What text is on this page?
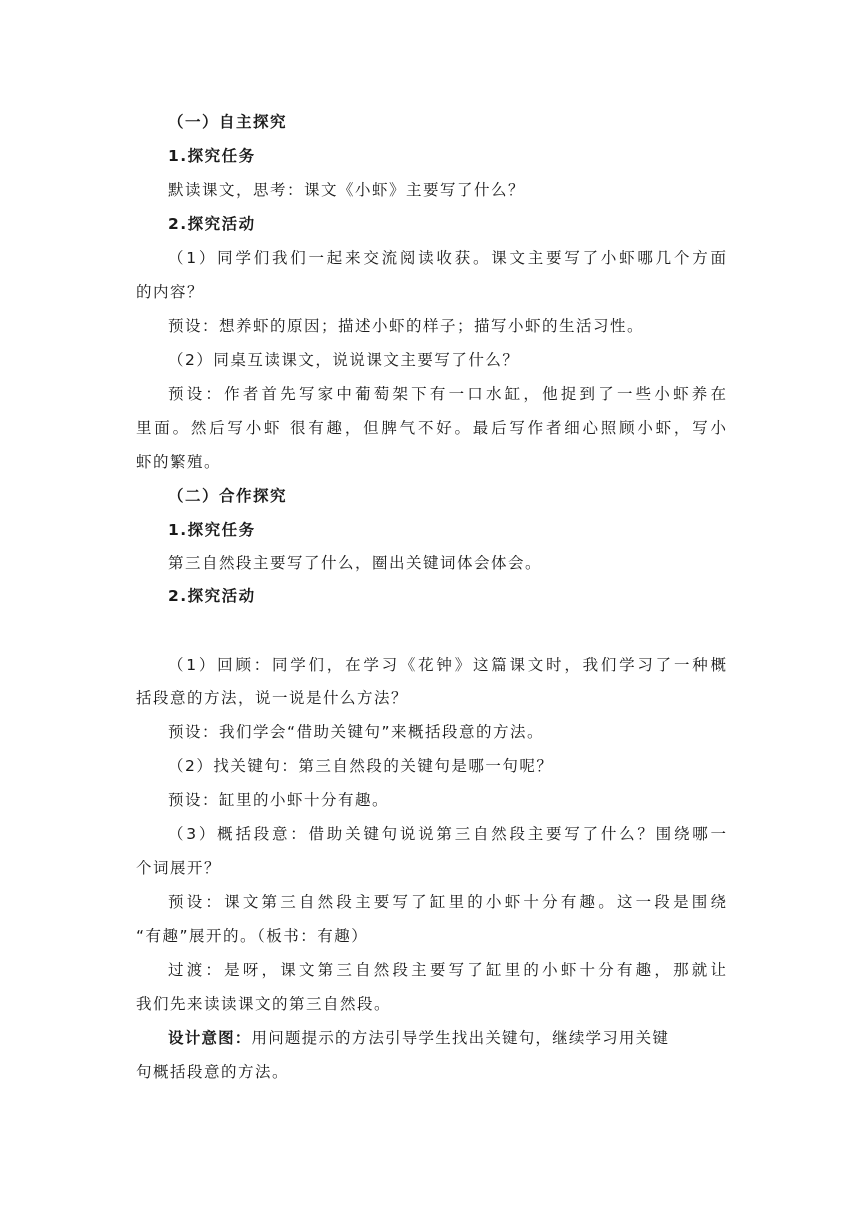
（一）自主探究
1.探究任务
默读课文，思考：课文《小虾》主要写了什么？
2.探究活动
（1）同学们我们一起来交流阅读收获。课文主要写了小虾哪几个方面
的内容？
预设：想养虾的原因；描述小虾的样子；描写小虾的生活习性。
（2）同桌互读课文，说说课文主要写了什么？
预设：作者首先写家中葡萄架下有一口水缸，他捉到了一些小虾养在
里面。然后写小虾 很有趣，但脾气不好。最后写作者细心照顾小虾，写小
虾的繁殖。
（二）合作探究
1.探究任务
第三自然段主要写了什么，圈出关键词体会体会。
2.探究活动
（1）回顾：同学们，在学习《花钟》这篇课文时，我们学习了一种概
括段意的方法，说一说是什么方法？
预设：我们学会“借助关键句”来概括段意的方法。
（2）找关键句：第三自然段的关键句是哪一句呢？
预设：缸里的小虾十分有趣。
（3）概括段意：借助关键句说说第三自然段主要写了什么？围绕哪一
个词展开？
预设：课文第三自然段主要写了缸里的小虾十分有趣。这一段是围绕
“有趣”展开的。（板书：有趣）
过渡：是呀，课文第三自然段主要写了缸里的小虾十分有趣，那就让
我们先来读读课文的第三自然段。
设计意图：用问题提示的方法引导学生找出关键句，继续学习用关键
句概括段意的方法。
